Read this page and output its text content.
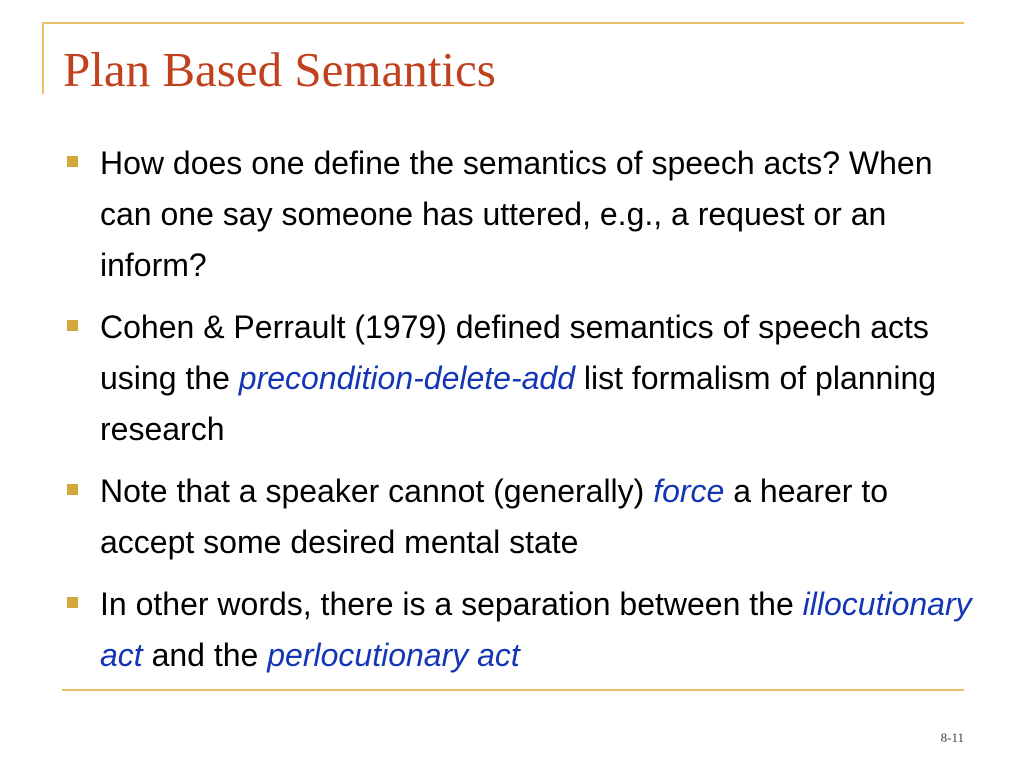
Plan Based Semantics
How does one define the semantics of speech acts? When can one say someone has uttered, e.g., a request or an inform?
Cohen & Perrault (1979) defined semantics of speech acts using the precondition-delete-add list formalism of planning research
Note that a speaker cannot (generally) force a hearer to accept some desired mental state
In other words, there is a separation between the illocutionary act and the perlocutionary act
8-11
